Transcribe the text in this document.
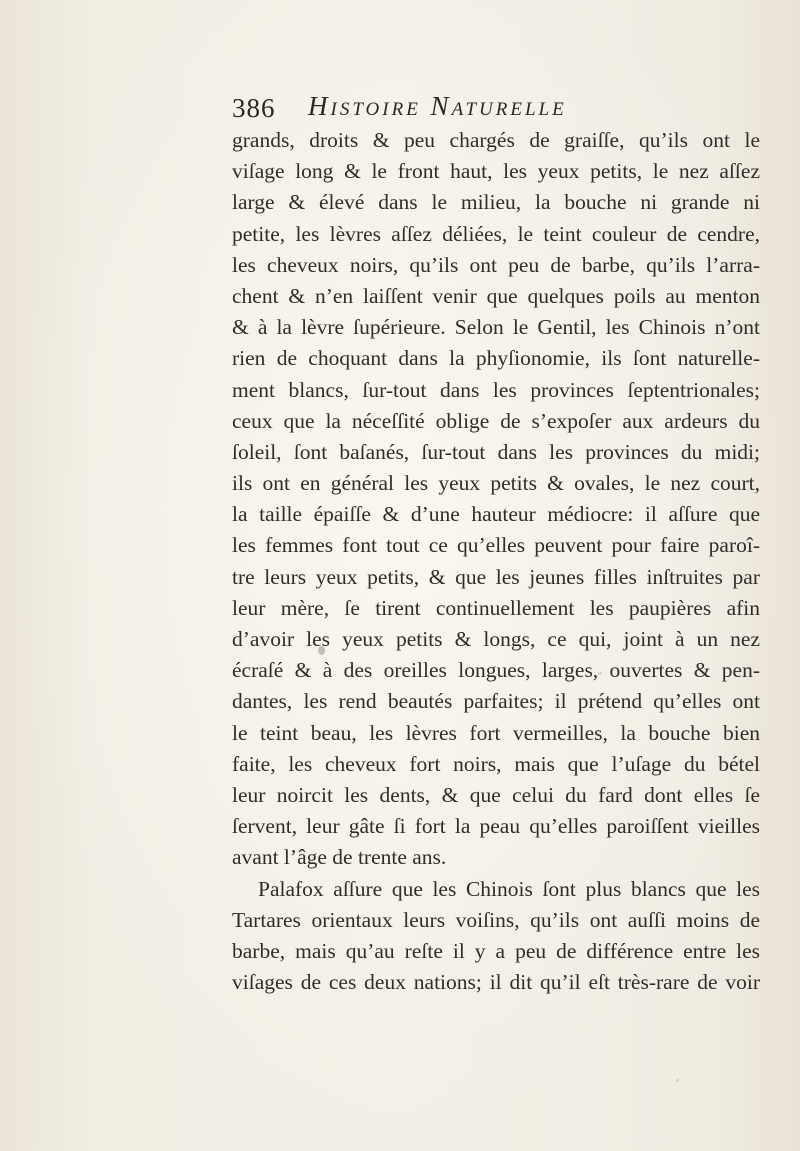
386 Histoire Naturelle
grands, droits & peu chargés de graiſſe, qu’ils ont le
viſage long & le front haut, les yeux petits, le nez aſſez
large & élevé dans le milieu, la bouche ni grande ni
petite, les lèvres aſſez déliées, le teint couleur de cendre,
les cheveux noirs, qu’ils ont peu de barbe, qu’ils l’arra-
chent & n’en laiſſent venir que quelques poils au menton
& à la lèvre ſupérieure. Selon le Gentil, les Chinois n’ont
rien de choquant dans la phyſionomie, ils ſont naturelle-
ment blancs, ſur-tout dans les provinces ſeptentrionales;
ceux que la néceſſité oblige de s’expoſer aux ardeurs du
ſoleil, ſont baſanés, ſur-tout dans les provinces du midi;
ils ont en général les yeux petits & ovales, le nez court,
la taille épaiſſe & d’une hauteur médiocre: il aſſure que
les femmes font tout ce qu’elles peuvent pour faire paroî-
tre leurs yeux petits, & que les jeunes filles inſtruites par
leur mère, ſe tirent continuellement les paupières afin
d’avoir les yeux petits & longs, ce qui, joint à un nez
écraſé & à des oreilles longues, larges, ouvertes & pen-
dantes, les rend beautés parfaites; il prétend qu’elles ont
le teint beau, les lèvres fort vermeilles, la bouche bien
faite, les cheveux fort noirs, mais que l’uſage du bétel
leur noircit les dents, & que celui du fard dont elles ſe
ſervent, leur gâte ſi fort la peau qu’elles paroiſſent vieilles
avant l’âge de trente ans.
Palafox aſſure que les Chinois ſont plus blancs que les
Tartares orientaux leurs voiſins, qu’ils ont auſſi moins de
barbe, mais qu’au reſte il y a peu de différence entre les
viſages de ces deux nations; il dit qu’il eſt très-rare de voir
